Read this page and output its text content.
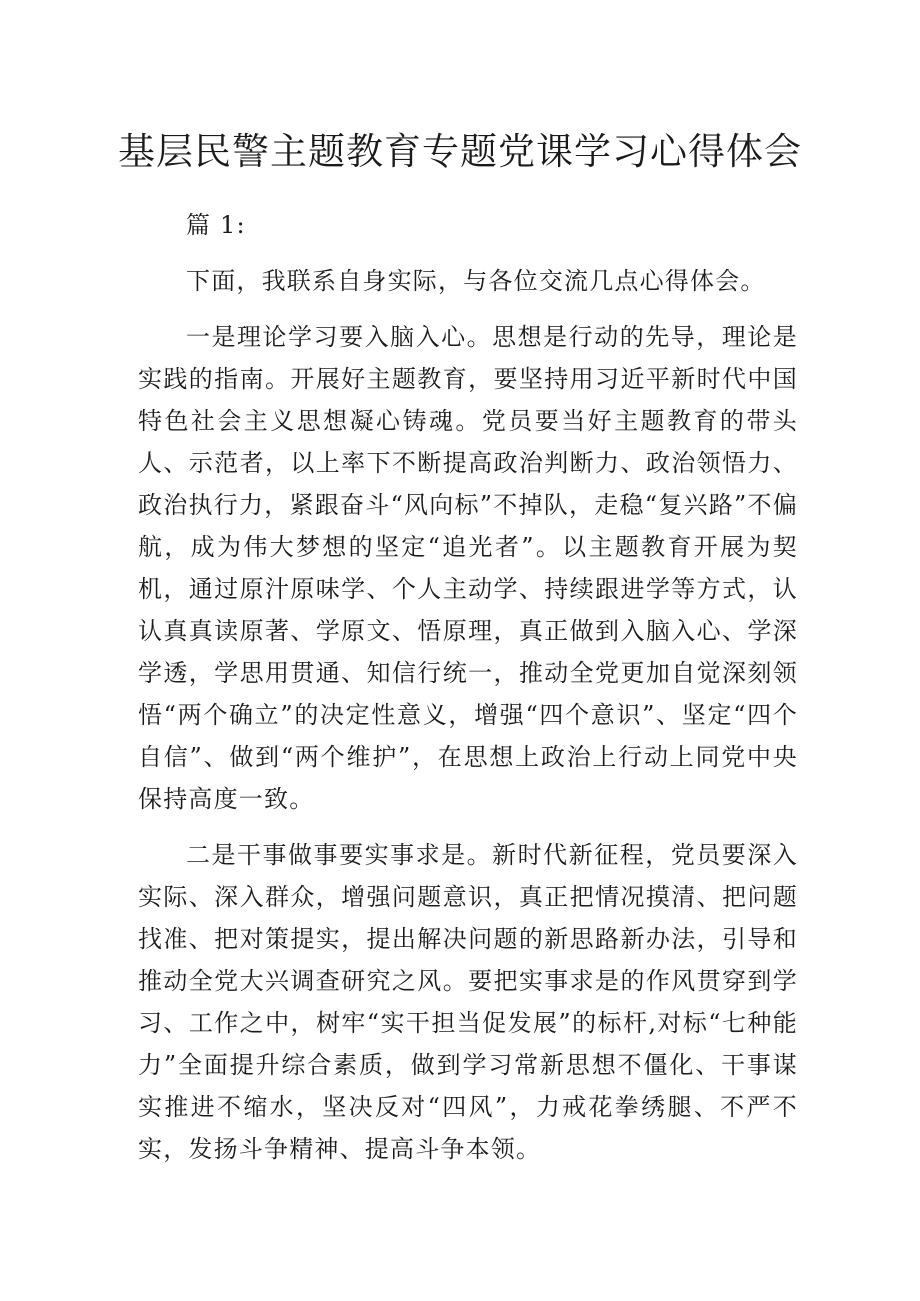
基层民警主题教育专题党课学习心得体会

篇 1:

下面，我联系自身实际，与各位交流几点心得体会。

一是理论学习要入脑入心。思想是行动的先导，理论是实践的指南。开展好主题教育，要坚持用习近平新时代中国特色社会主义思想凝心铸魂。党员要当好主题教育的带头人、示范者，以上率下不断提高政治判断力、政治领悟力、政治执行力，紧跟奋斗“风向标”不掉队，走稳“复兴路”不偏航，成为伟大梦想的坚定“追光者”。以主题教育开展为契机，通过原汁原味学、个人主动学、持续跟进学等方式，认认真真读原著、学原文、悟原理，真正做到入脑入心、学深学透，学思用贯通、知信行统一，推动全党更加自觉深刻领悟“两个确立”的决定性意义，增强“四个意识”、坚定“四个自信”、做到“两个维护”，在思想上政治上行动上同党中央保持高度一致。

二是干事做事要实事求是。新时代新征程，党员要深入实际、深入群众，增强问题意识，真正把情况摸清、把问题找准、把对策提实，提出解决问题的新思路新办法，引导和推动全党大兴调查研究之风。要把实事求是的作风贯穿到学习、工作之中，树牢“实干担当促发展”的标杆,对标“七种能力”全面提升综合素质，做到学习常新思想不僵化、干事谋实推进不缩水，坚决反对“四风”，力戒花拳绣腿、不严不实，发扬斗争精神、提高斗争本领。
